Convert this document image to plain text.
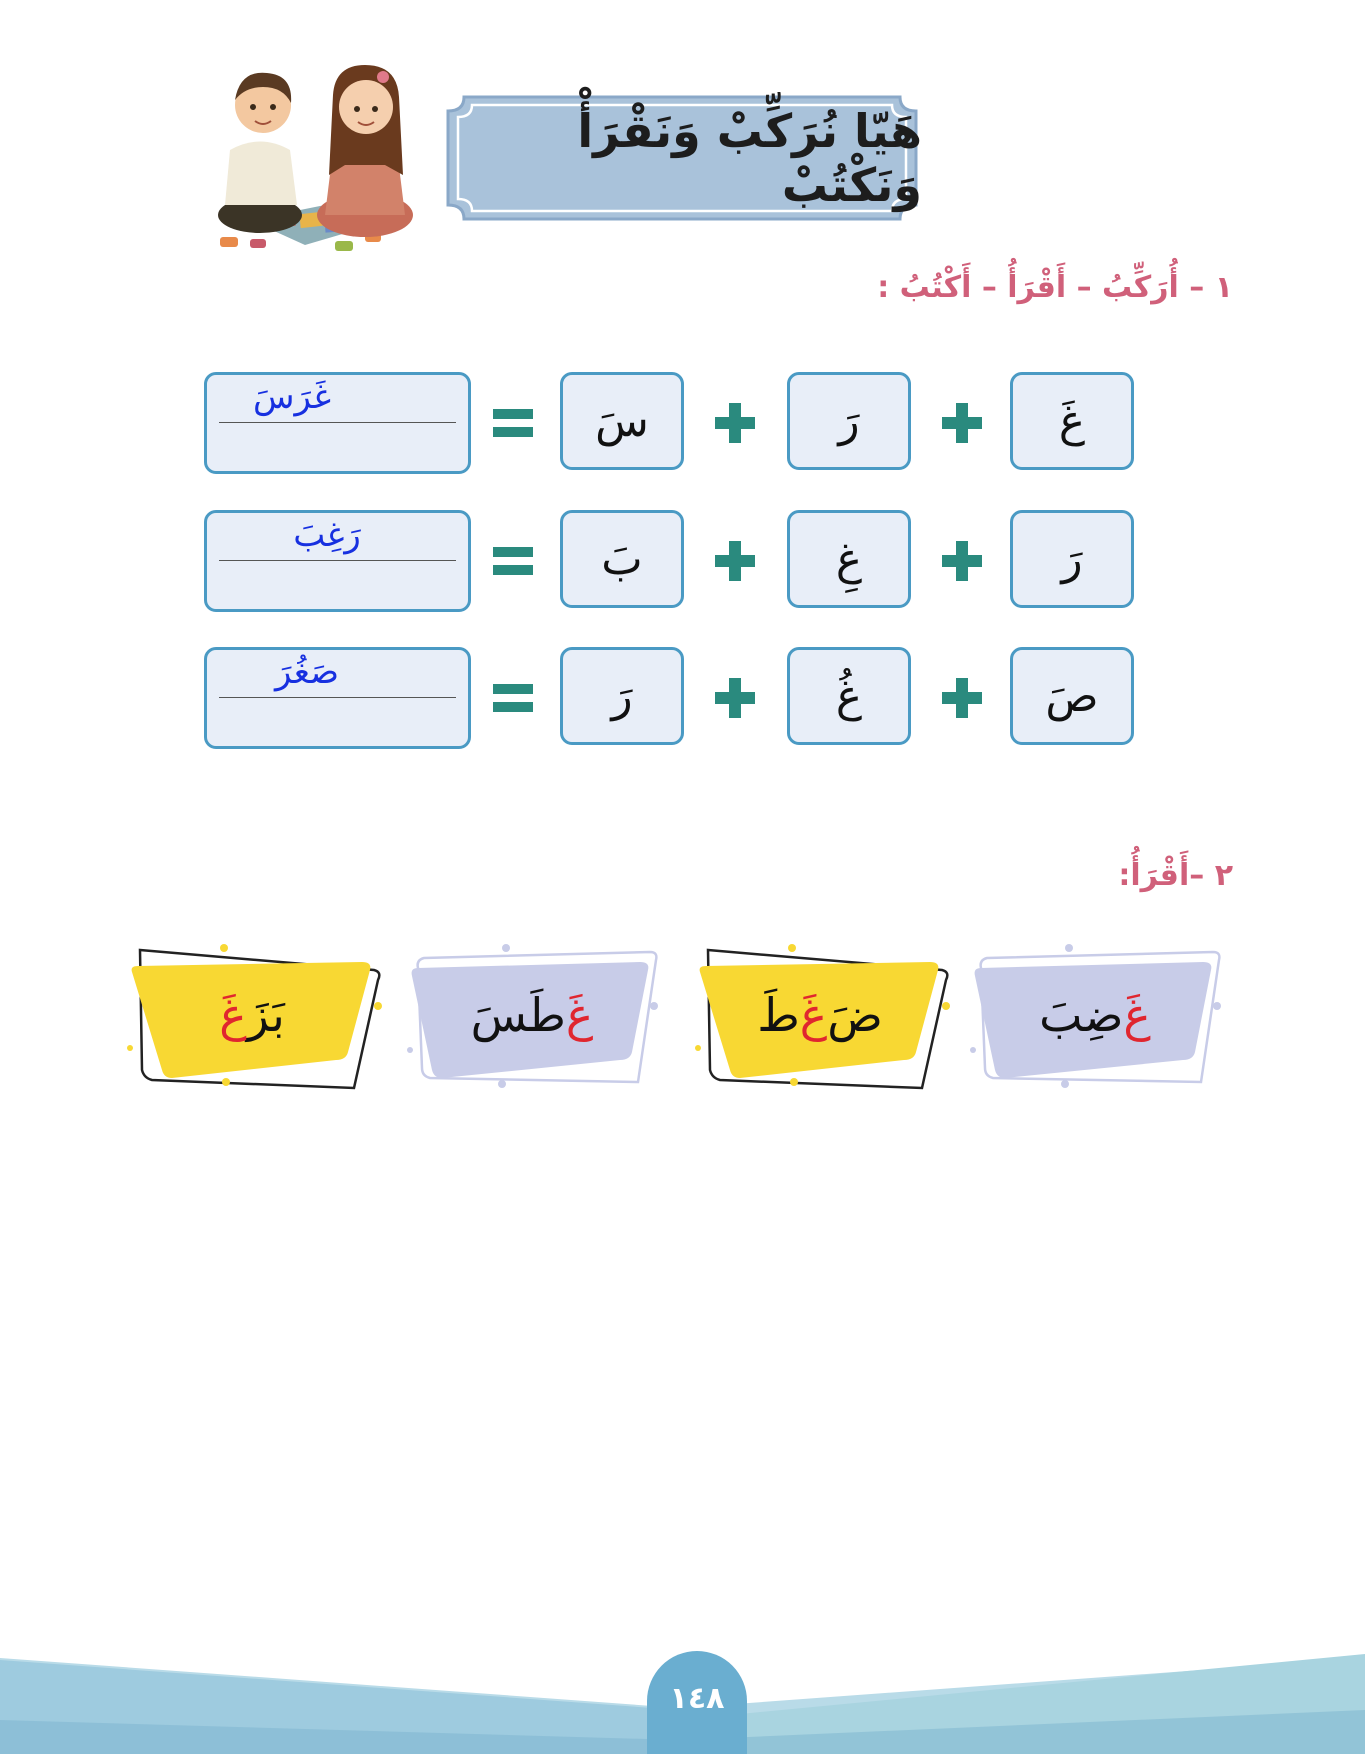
هَيّا نُرَكِّبْ وَنَقْرَأْ وَنَكْتُبْ
١ – أُرَكِّبُ – أَقْرَأُ – أَكْتُبُ :
غَرَسَ	سَ	رَ	غَ
رَغِبَ	بَ	غِ	رَ
صَغُرَ	رَ	غُ	صَ
٢ –أَقْرَأُ:
بَزَ
غَ	غَ
طَسَ	ضَ
غَ
طَ	غَ
ضِبَ
١٤٨
